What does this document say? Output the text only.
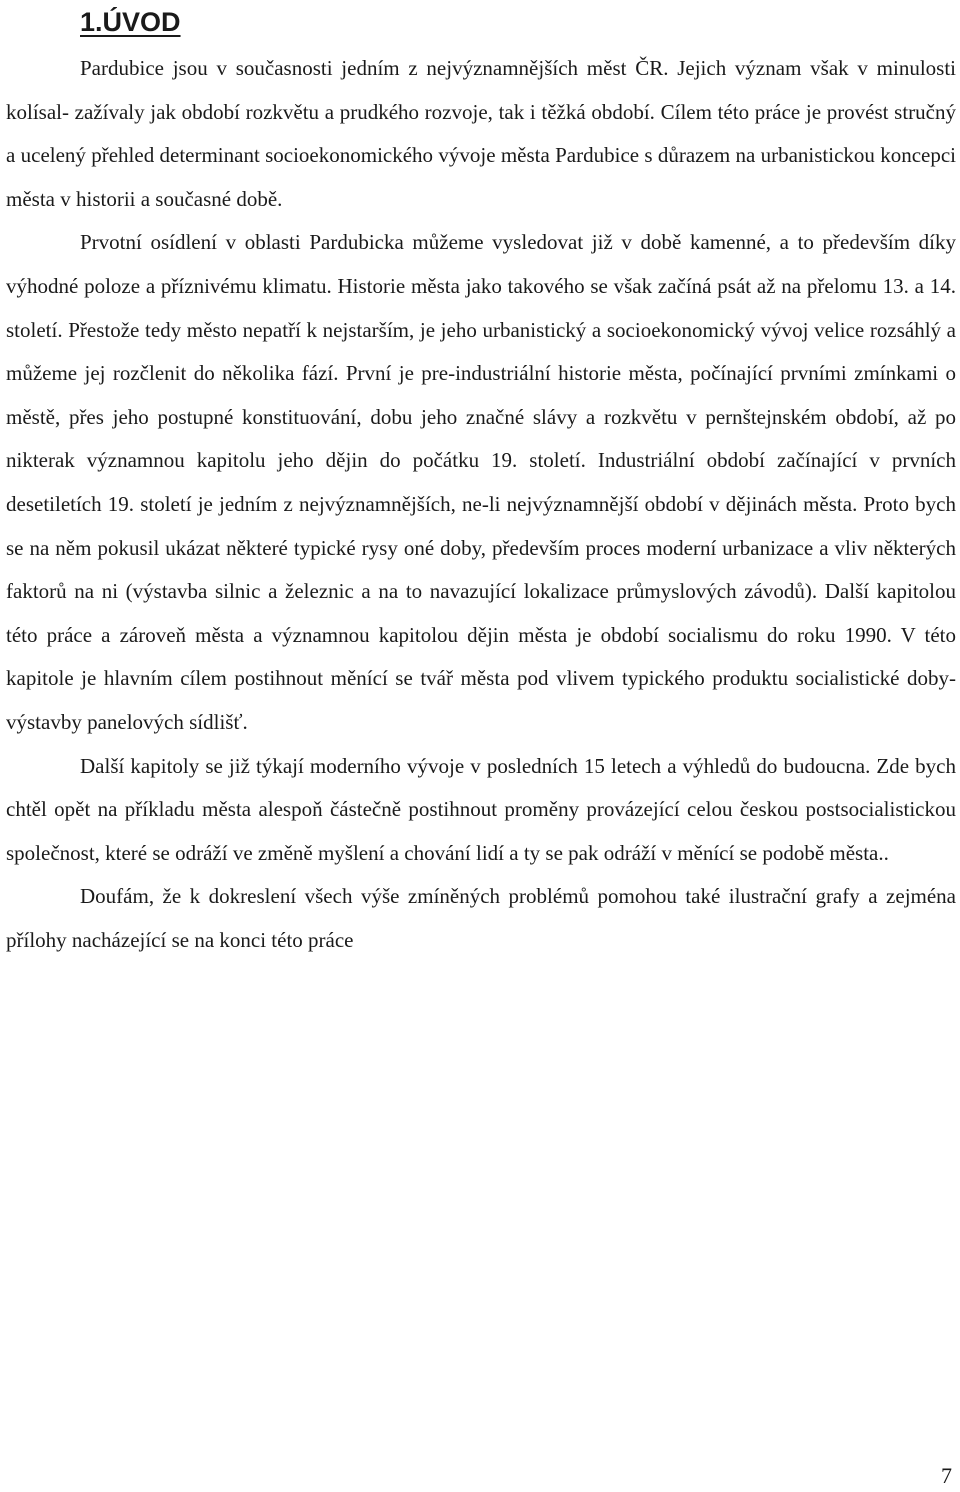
1.ÚVOD

Pardubice jsou v současnosti jedním z nejvýznamnějších měst ČR. Jejich význam však v minulosti kolísal- zažívaly jak období rozkvětu a prudkého rozvoje, tak i těžká období. Cílem této práce je provést stručný a ucelený přehled determinant socioekonomického vývoje města Pardubice s důrazem na urbanistickou koncepci města v historii a současné době.

Prvotní osídlení v oblasti Pardubicka můžeme vysledovat již v době kamenné, a to především díky výhodné poloze a příznivému klimatu. Historie města jako takového se však začíná psát až na přelomu 13. a 14. století. Přestože tedy město nepatří k nejstarším, je jeho urbanistický a socioekonomický vývoj velice rozsáhlý a můžeme jej rozčlenit do několika fází. První je pre-industriální historie města, počínající prvními zmínkami o městě, přes jeho postupné konstituování, dobu jeho značné slávy a rozkvětu v pernštejnském období, až po nikterak významnou kapitolu jeho dějin do počátku 19. století. Industriální období začínající v prvních desetiletích 19. století je jedním z nejvýznamnějších, ne-li nejvýznamnější období v dějinách města. Proto bych se na něm pokusil ukázat některé typické rysy oné doby, především proces moderní urbanizace a vliv některých faktorů na ni (výstavba silnic a železnic a na to navazující lokalizace průmyslových závodů). Další kapitolou této práce a zároveň města a významnou kapitolou dějin města je období socialismu do roku 1990. V této kapitole je hlavním cílem postihnout měnící se tvář města pod vlivem typického produktu socialistické doby- výstavby panelových sídlišť.

Další kapitoly se již týkají moderního vývoje v posledních 15 letech a výhledů do budoucna. Zde bych chtěl opět na příkladu města alespoň částečně postihnout proměny provázející celou českou postsocialistickou společnost, které se odráží ve změně myšlení a chování lidí a ty se pak odráží v měnící se podobě města..

Doufám, že k dokreslení všech výše zmíněných problémů pomohou také ilustrační grafy a zejména přílohy nacházející se na konci této práce

7
